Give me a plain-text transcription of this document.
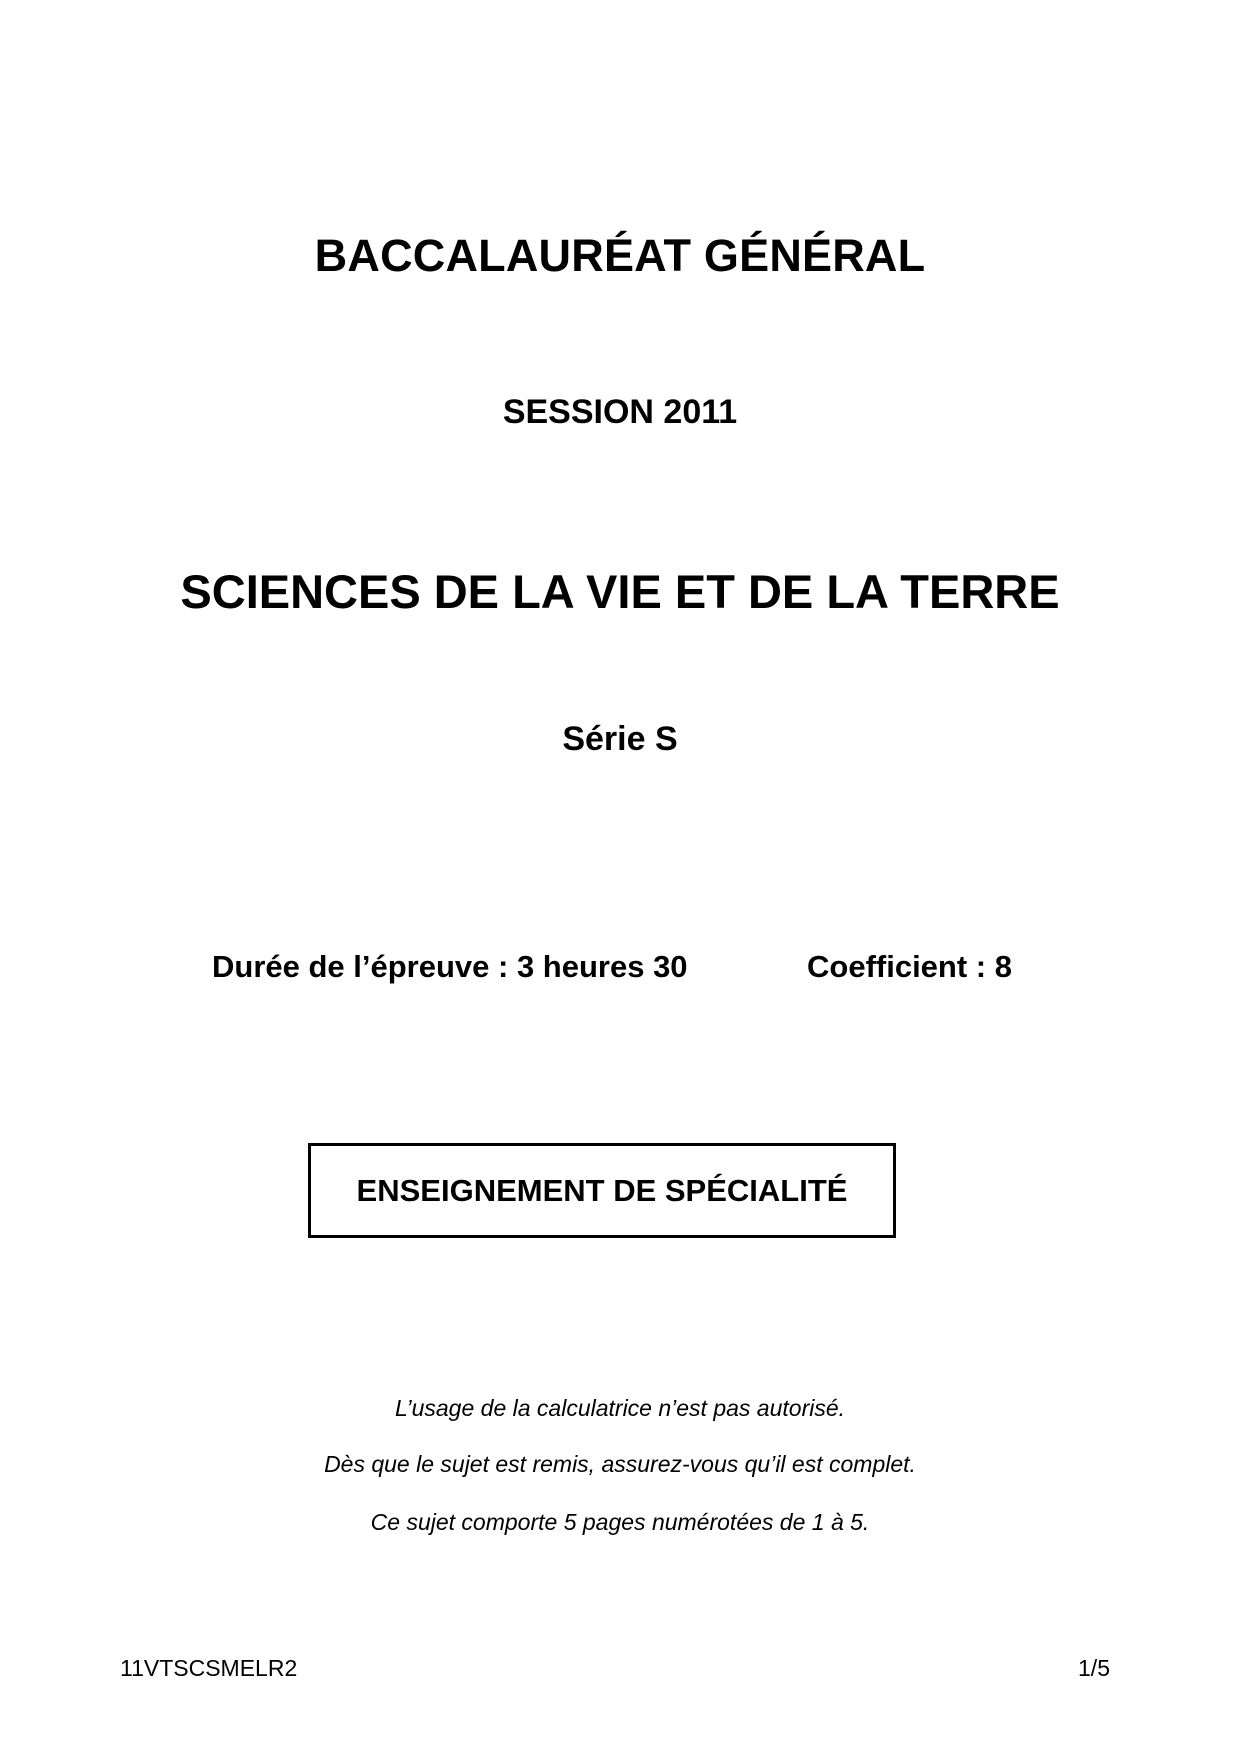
BACCALAURÉAT GÉNÉRAL
SESSION 2011
SCIENCES DE LA VIE ET DE LA TERRE
Série S
Durée de l’épreuve : 3 heures 30	Coefficient : 8
ENSEIGNEMENT DE SPÉCIALITÉ

L’usage de la calculatrice n’est pas autorisé.

Dès que le sujet est remis, assurez-vous qu’il est complet.

Ce sujet comporte 5 pages numérotées de 1 à 5.

11VTSCSMELR2	1/5
